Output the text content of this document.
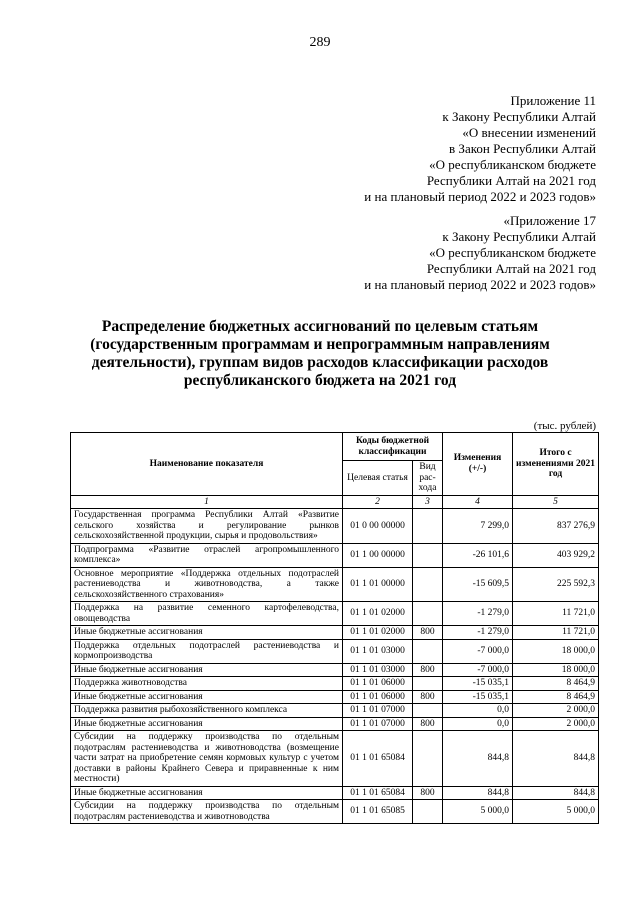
289
Приложение 11
к Закону Республики Алтай
«О внесении изменений
в Закон Республики Алтай
«О республиканском бюджете
Республики Алтай на 2021 год
и на плановый период 2022 и 2023 годов»
«Приложение 17
к Закону Республики Алтай
«О республиканском бюджете
Республики Алтай на 2021 год
и на плановый период 2022 и 2023 годов»
Распределение бюджетных ассигнований по целевым статьям (государственным программам и непрограммным направлениям деятельности), группам видов расходов классификации расходов республиканского бюджета на 2021 год
(тыс. рублей)
Наименование показателя	Коды бюджетной классификации		Изменения (+/-)	Итого с изменениями 2021 год
	Целевая статья	Вид рас-хода		
1	2	3	4	5
Государственная программа Республики Алтай «Развитие сельского хозяйства и регулирование рынков сельскохозяйственной продукции, сырья и продовольствия»	01 0 00 00000		7 299,0	837 276,9
Подпрограмма «Развитие отраслей агропромышленного комплекса»	01 1 00 00000		-26 101,6	403 929,2
Основное мероприятие «Поддержка отдельных подотраслей растениеводства и животноводства, а также сельскохозяйственного страхования»	01 1 01 00000		-15 609,5	225 592,3
Поддержка на развитие семенного картофелеводства, овощеводства	01 1 01 02000		-1 279,0	11 721,0
Иные бюджетные ассигнования	01 1 01 02000	800	-1 279,0	11 721,0
Поддержка отдельных подотраслей растениеводства и кормопроизводства	01 1 01 03000		-7 000,0	18 000,0
Иные бюджетные ассигнования	01 1 01 03000	800	-7 000,0	18 000,0
Поддержка животноводства	01 1 01 06000		-15 035,1	8 464,9
Иные бюджетные ассигнования	01 1 01 06000	800	-15 035,1	8 464,9
Поддержка развития рыбохозяйственного комплекса	01 1 01 07000		0,0	2 000,0
Иные бюджетные ассигнования	01 1 01 07000	800	0,0	2 000,0
Субсидии на поддержку производства по отдельным подотраслям растениеводства и животноводства (возмещение части затрат на приобретение семян кормовых культур с учетом доставки в районы Крайнего Севера и приравненные к ним местности)	01 1 01 65084		844,8	844,8
Иные бюджетные ассигнования	01 1 01 65084	800	844,8	844,8
Субсидии на поддержку производства по отдельным подотраслям растениеводства и животноводства	01 1 01 65085		5 000,0	5 000,0
